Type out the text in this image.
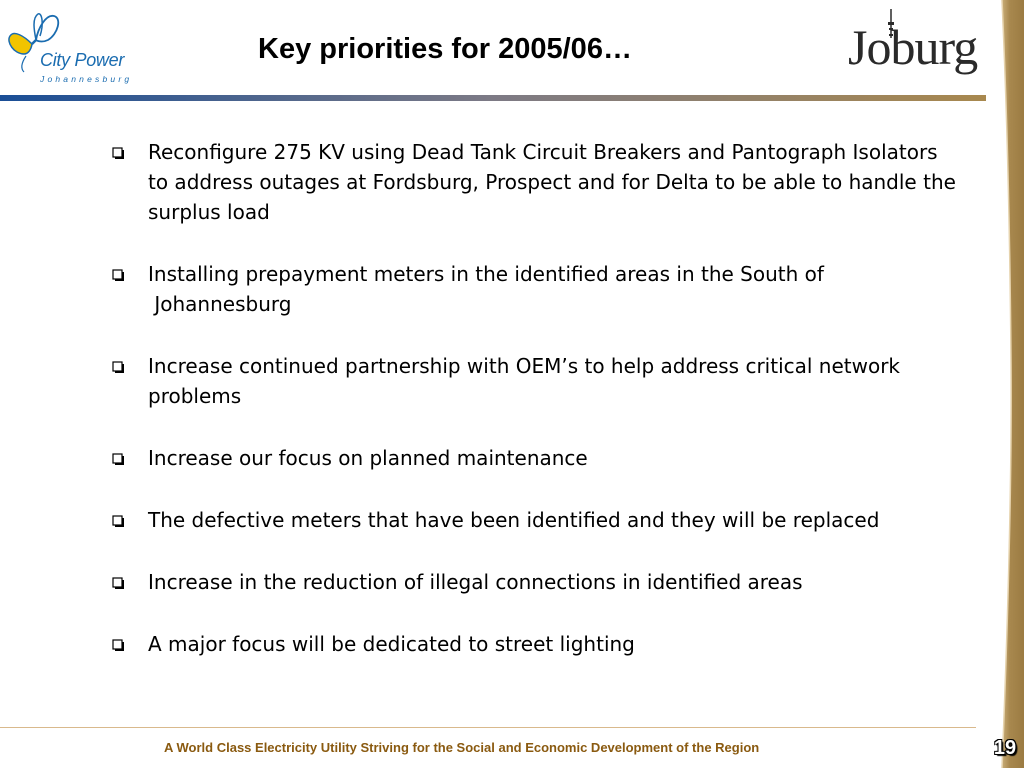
City Power
Johannesburg
Key priorities for 2005/06…	Joburg
Reconfigure 275 KV using Dead Tank Circuit Breakers and Pantograph Isolators to address outages at Fordsburg, Prospect and for Delta to be able to handle the surplus load
Installing prepayment meters in the identified areas in the South of
Johannesburg
Increase continued partnership with OEM’s to help address critical network problems
Increase our focus on planned maintenance
The defective meters that have been identified and they will be replaced
Increase in the reduction of illegal connections in identified areas
A major focus will be dedicated to street lighting
A World Class Electricity Utility Striving for the Social and Economic Development of the Region	19
